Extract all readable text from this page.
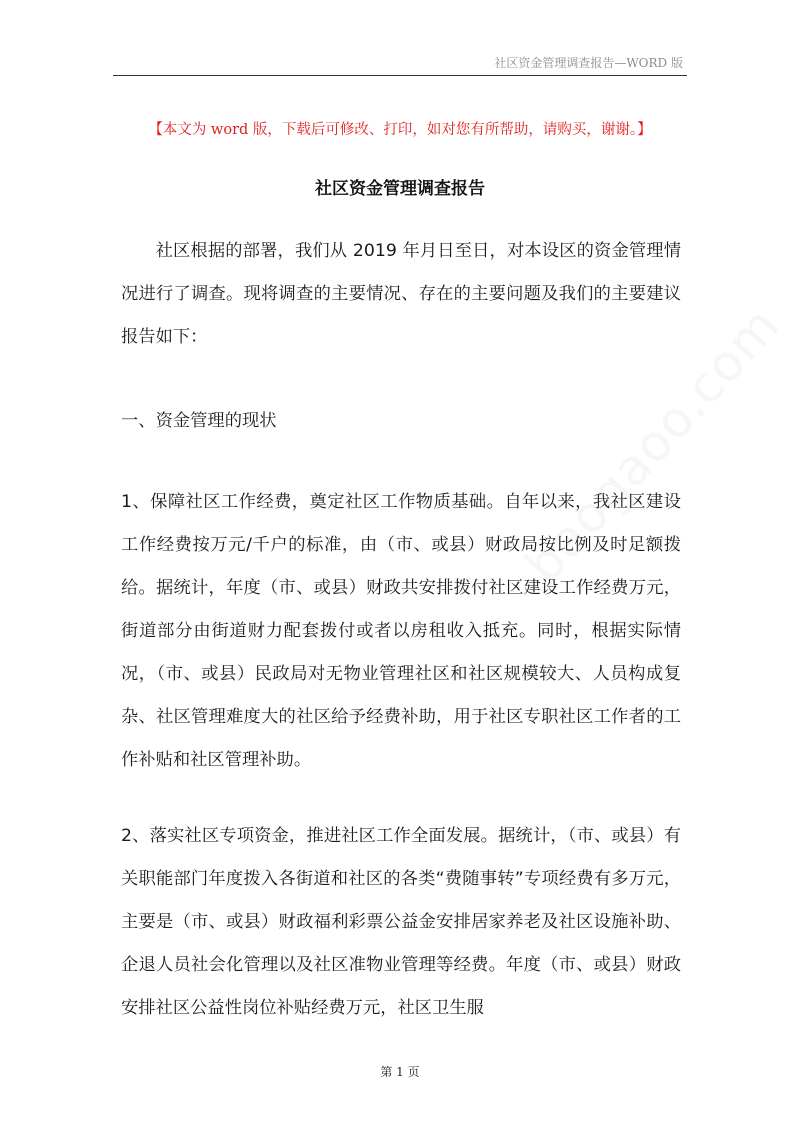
社区资金管理调查报告—WORD 版
【本文为 word 版，下载后可修改、打印，如对您有所帮助，请购买，谢谢。】
社区资金管理调查报告

社区根据的部署，我们从 2019 年月日至日，对本设区的资金管理情况进行了调查。现将调查的主要情况、存在的主要问题及我们的主要建议报告如下：

一、资金管理的现状

1、保障社区工作经费，奠定社区工作物质基础。自年以来，我社区建设工作经费按万元/千户的标准，由（市、或县）财政局按比例及时足额拨给。据统计，年度（市、或县）财政共安排拨付社区建设工作经费万元，街道部分由街道财力配套拨付或者以房租收入抵充。同时，根据实际情况，（市、或县）民政局对无物业管理社区和社区规模较大、人员构成复杂、社区管理难度大的社区给予经费补助，用于社区专职社区工作者的工作补贴和社区管理补助。

2、落实社区专项资金，推进社区工作全面发展。据统计，（市、或县）有关职能部门年度拨入各街道和社区的各类“费随事转”专项经费有多万元，主要是（市、或县）财政福利彩票公益金安排居家养老及社区设施补助、企退人员社会化管理以及社区准物业管理等经费。年度（市、或县）财政安排社区公益性岗位补贴经费万元，社区卫生服

baogaoo.com
第 1 页
